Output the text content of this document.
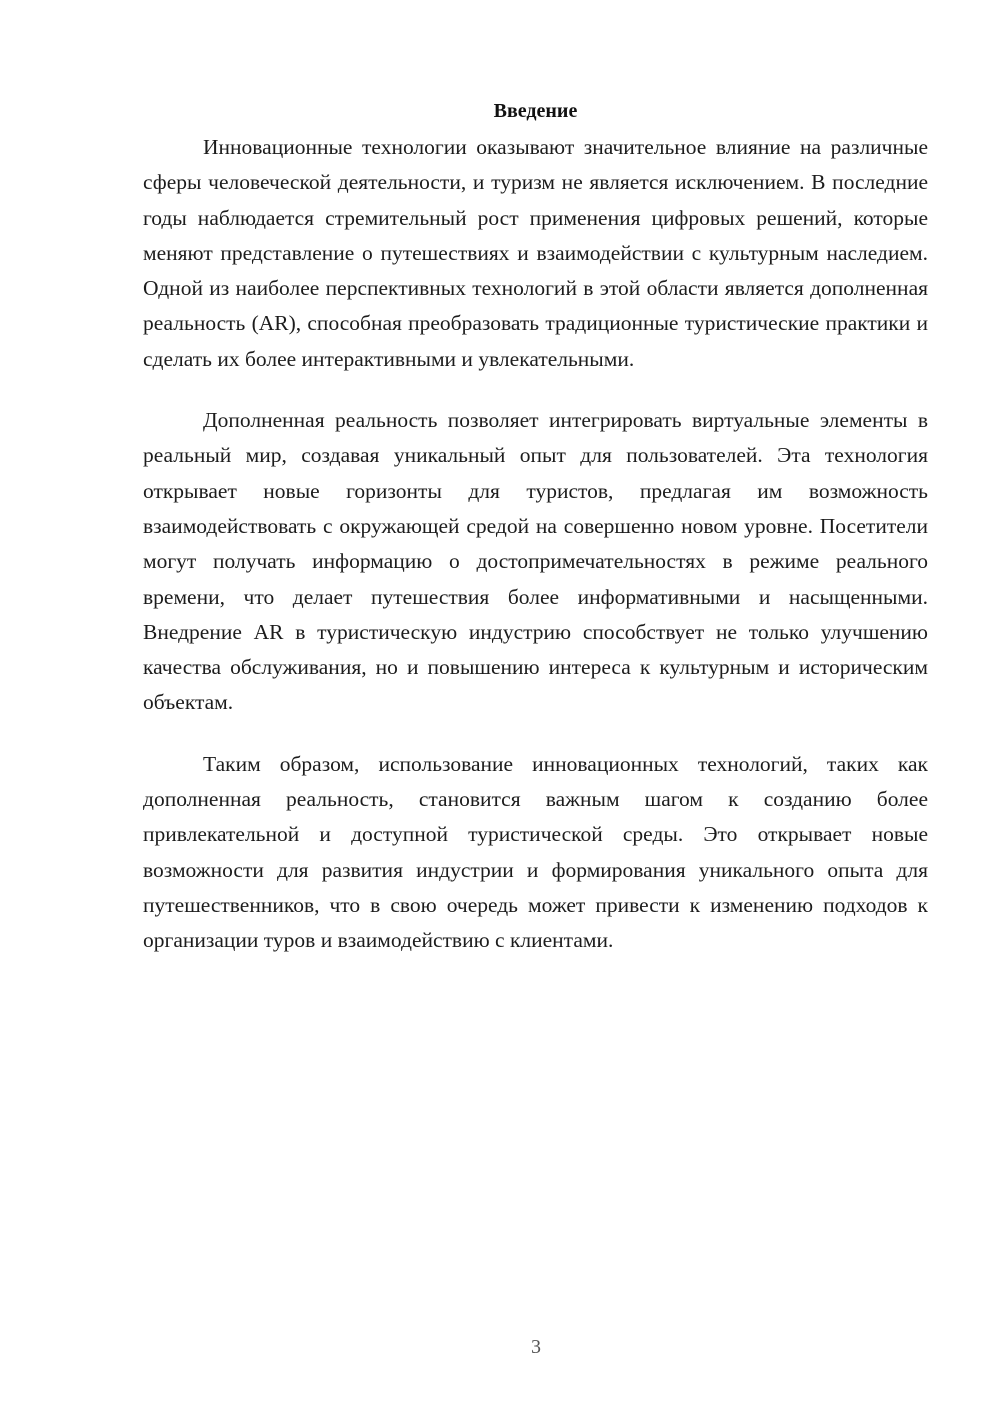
Введение

Инновационные технологии оказывают значительное влияние на различные сферы человеческой деятельности, и туризм не является исключением. В последние годы наблюдается стремительный рост применения цифровых решений, которые меняют представление о путешествиях и взаимодействии с культурным наследием. Одной из наиболее перспективных технологий в этой области является дополненная реальность (AR), способная преобразовать традиционные туристические практики и сделать их более интерактивными и увлекательными.

Дополненная реальность позволяет интегрировать виртуальные элементы в реальный мир, создавая уникальный опыт для пользователей. Эта технология открывает новые горизонты для туристов, предлагая им возможность взаимодействовать с окружающей средой на совершенно новом уровне. Посетители могут получать информацию о достопримечательностях в режиме реального времени, что делает путешествия более информативными и насыщенными. Внедрение AR в туристическую индустрию способствует не только улучшению качества обслуживания, но и повышению интереса к культурным и историческим объектам.

Таким образом, использование инновационных технологий, таких как дополненная реальность, становится важным шагом к созданию более привлекательной и доступной туристической среды. Это открывает новые возможности для развития индустрии и формирования уникального опыта для путешественников, что в свою очередь может привести к изменению подходов к организации туров и взаимодействию с клиентами.

3
